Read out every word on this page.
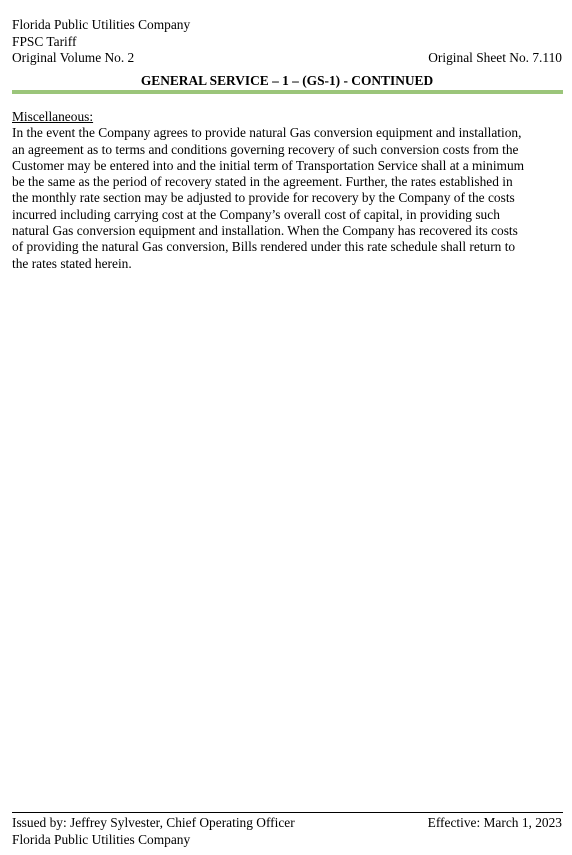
Florida Public Utilities Company
FPSC Tariff
Original Volume No. 2	Original Sheet No. 7.110
GENERAL SERVICE – 1 – (GS-1) - CONTINUED
Miscellaneous:

In the event the Company agrees to provide natural Gas conversion equipment and installation,
an agreement as to terms and conditions governing recovery of such conversion costs from the
Customer may be entered into and the initial term of Transportation Service shall at a minimum
be the same as the period of recovery stated in the agreement. Further, the rates established in
the monthly rate section may be adjusted to provide for recovery by the Company of the costs
incurred including carrying cost at the Company’s overall cost of capital, in providing such
natural Gas conversion equipment and installation. When the Company has recovered its costs
of providing the natural Gas conversion, Bills rendered under this rate schedule shall return to
the rates stated herein.

Issued by: Jeffrey Sylvester, Chief Operating Officer	Effective: March 1, 2023
Florida Public Utilities Company
